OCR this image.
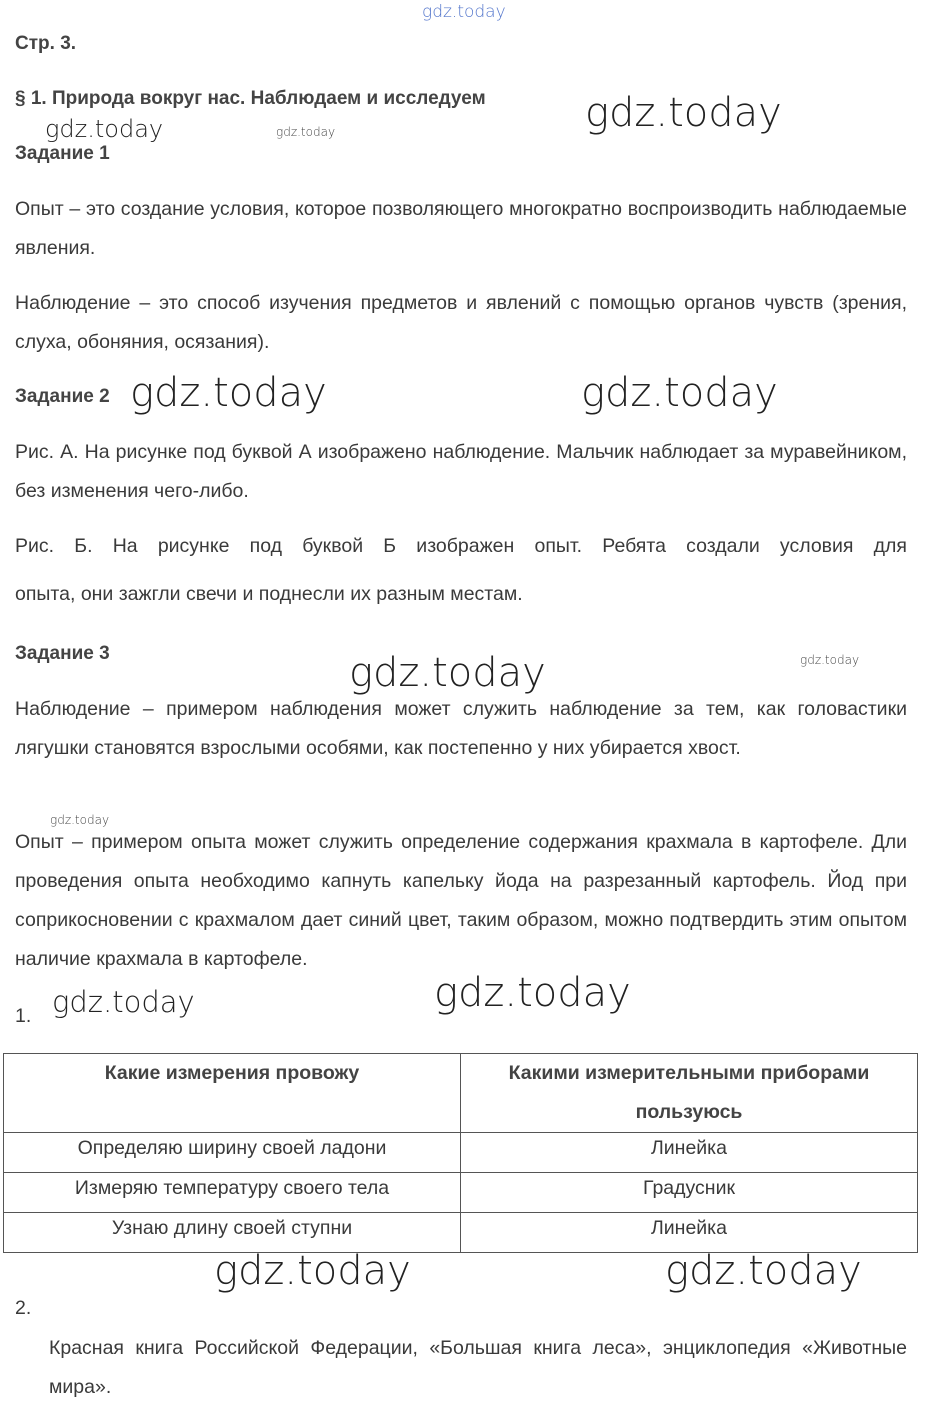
gdz.today
Стр. 3.
§ 1. Природа вокруг нас. Наблюдаем и исследуем gdz.today
gdz.today	gdz.today
Задание 1
Опыт – это создание условия, которое позволяющего многократно воспроизводить наблюдаемые явления.
Наблюдение – это способ изучения предметов и явлений с помощью органов чувств (зрения, слуха, обоняния, осязания).
Задание 2 gdz.today	gdz.today
Рис. А. На рисунке под буквой А изображено наблюдение. Мальчик наблюдает за муравейником, без изменения чего-либо.
Рис. Б. На рисунке под буквой Б изображен опыт. Ребята создали условия для
опыта, они зажгли свечи и поднесли их разным местам.
Задание 3	gdz.today	gdz.today
Наблюдение – примером наблюдения может служить наблюдение за тем, как головастики лягушки становятся взрослыми особями, как постепенно у них убирается хвост.
gdz.today
Опыт – примером опыта может служить определение содержания крахмала в картофеле. Дли проведения опыта необходимо капнуть капельку йода на разрезанный картофель. Йод при соприкосновении с крахмалом дает синий цвет, таким образом, можно подтвердить этим опытом наличие крахмала в картофеле.
gdz.today	gdz.today
1.
Какие измерения провожу	Какими измерительными приборами пользуюсь
Определяю ширину своей ладони	Линейка
Измеряю температуру своего тела	Градусник
Узнаю длину своей ступни	Линейка
gdz.today	gdz.today
2.
Красная книга Российской Федерации, «Большая книга леса», энциклопедия «Животные мира».
